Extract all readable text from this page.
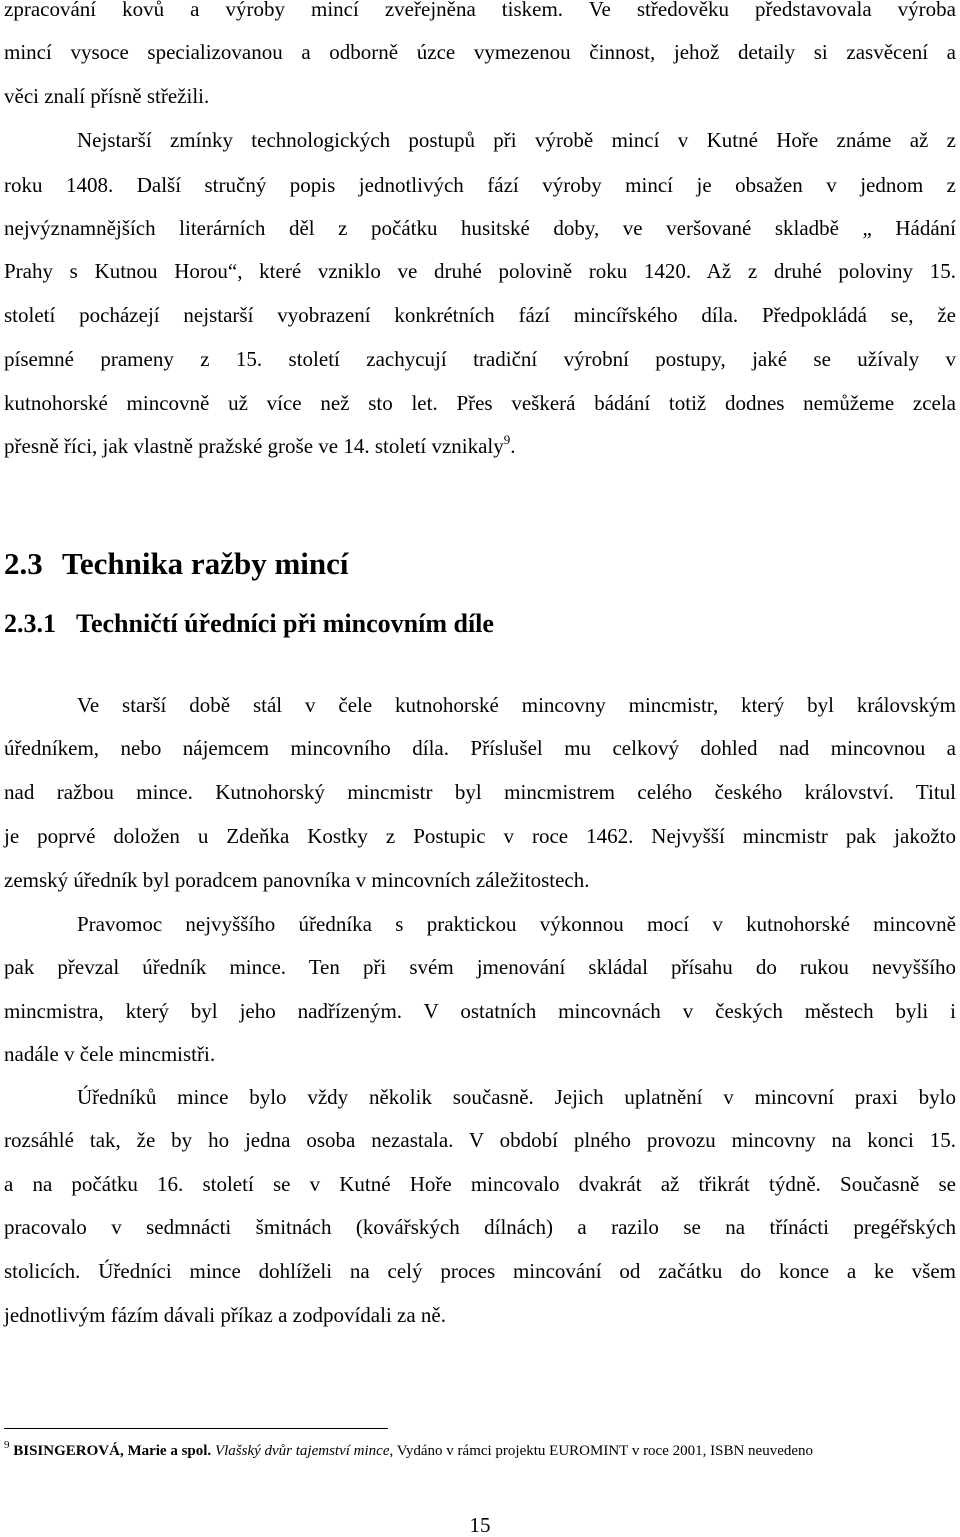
zpracování kovů a výroby mincí zveřejněna tiskem. Ve středověku představovala výroba
mincí vysoce specializovanou a odborně úzce vymezenou činnost, jehož detaily si zasvěcení a
věci znalí přísně střežili.
Nejstarší zmínky technologických postupů při výrobě mincí v Kutné Hoře známe až z
roku 1408. Další stručný popis jednotlivých fází výroby mincí je obsažen v jednom z
nejvýznamnějších literárních děl z počátku husitské doby, ve veršované skladbě „ Hádání
Prahy s Kutnou Horou“, které vzniklo ve druhé polovině roku 1420. Až z druhé poloviny 15.
století pocházejí nejstarší vyobrazení konkrétních fází mincířského díla. Předpokládá se, že
písemné prameny z 15. století zachycují tradiční výrobní postupy, jaké se užívaly v
kutnohorské mincovně už více než sto let. Přes veškerá bádání totiž dodnes nemůžeme zcela
přesně říci, jak vlastně pražské groše ve 14. století vznikaly$^9$.
2.3 Technika ražby mincí
2.3.1 Techničtí úředníci při mincovním díle
Ve starší době stál v čele kutnohorské mincovny mincmistr, který byl královským
úředníkem, nebo nájemcem mincovního díla. Příslušel mu celkový dohled nad mincovnou a
nad ražbou mince. Kutnohorský mincmistr byl mincmistrem celého českého království. Titul
je poprvé doložen u Zdeňka Kostky z Postupic v roce 1462. Nejvyšší mincmistr pak jakožto
zemský úředník byl poradcem panovníka v mincovních záležitostech.
Pravomoc nejvyššího úředníka s praktickou výkonnou mocí v kutnohorské mincovně
pak převzal úředník mince. Ten při svém jmenování skládal přísahu do rukou nevyššího
mincmistra, který byl jeho nadřízeným. V ostatních mincovnách v českých městech byli i
nadále v čele mincmistři.
Úředníků mince bylo vždy několik současně. Jejich uplatnění v mincovní praxi bylo
rozsáhlé tak, že by ho jedna osoba nezastala. V období plného provozu mincovny na konci 15.
a na počátku 16. století se v Kutné Hoře mincovalo dvakrát až třikrát týdně. Současně se
pracovalo v sedmnácti šmitnách (kovářských dílnách) a razilo se na třínácti pregéřských
stolicích. Úředníci mince dohlíželi na celý proces mincování od začátku do konce a ke všem
jednotlivým fázím dávali příkaz a zodpovídali za ně.
$^9$ BISINGEROVÁ, Marie a spol. Vlašský dvůr tajemství mince, Vydáno v rámci projektu EUROMINT v roce 2001, ISBN neuvedeno
15
